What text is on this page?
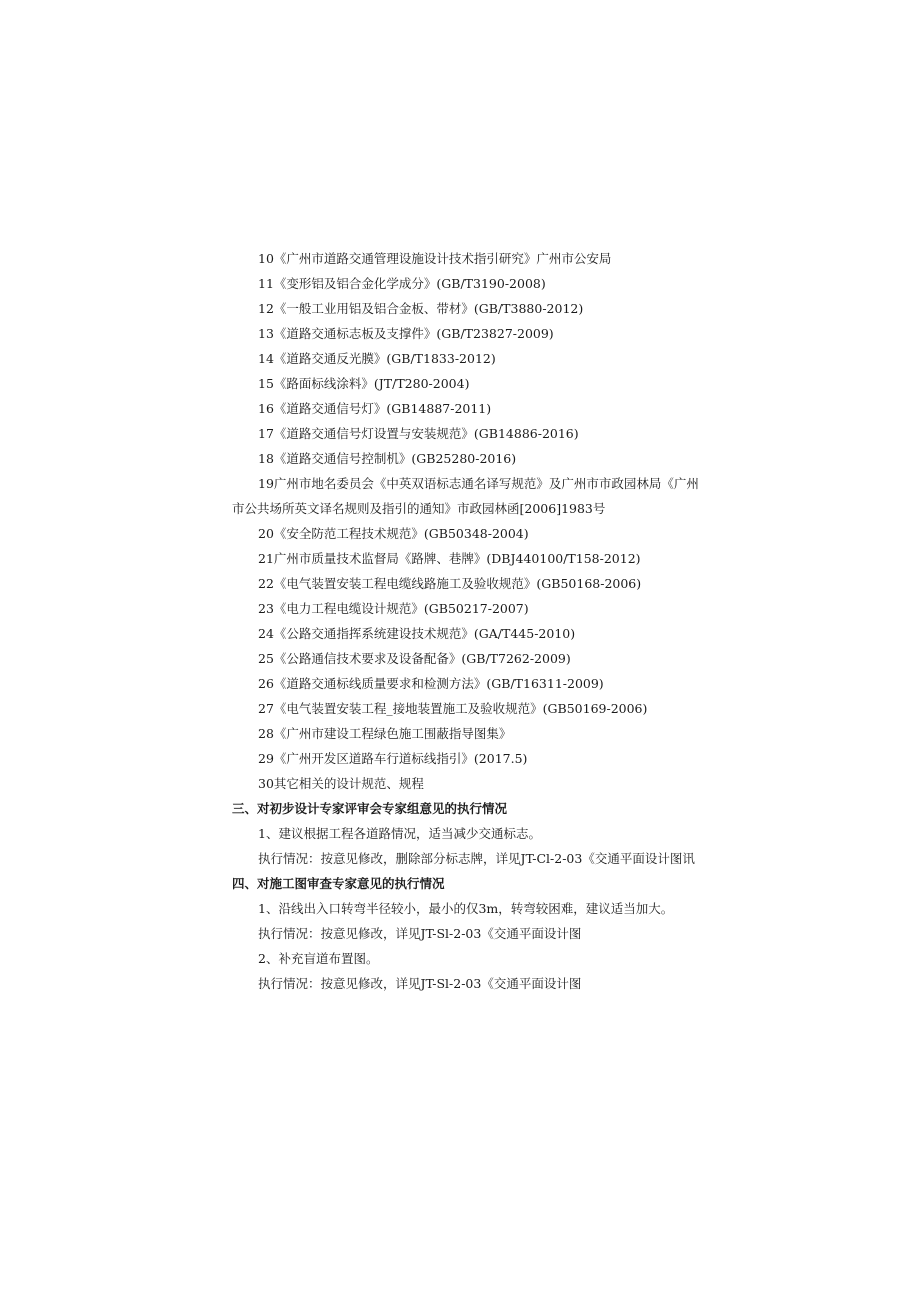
10《广州市道路交通管理设施设计技术指引研究》广州市公安局
11《变形铝及铝合金化学成分》(GB/T3190-2008)
12《一般工业用铝及铝合金板、带材》(GB/T3880-2012)
13《道路交通标志板及支撑件》(GB/T23827-2009)
14《道路交通反光膜》(GB/T1833-2012)
15《路面标线涂料》(JT/T280-2004)
16《道路交通信号灯》(GB14887-2011)
17《道路交通信号灯设置与安装规范》(GB14886-2016)
18《道路交通信号控制机》(GB25280-2016)
19广州市地名委员会《中英双语标志通名译写规范》及广州市市政园林局《广州
市公共场所英文译名规则及指引的通知》市政园林函[2006]1983号
20《安全防范工程技术规范》(GB50348-2004)
21广州市质量技术监督局《路牌、巷牌》(DBJ440100/T158-2012)
22《电气装置安装工程电缆线路施工及验收规范》(GB50168-2006)
23《电力工程电缆设计规范》(GB50217-2007)
24《公路交通指挥系统建设技术规范》(GA/T445-2010)
25《公路通信技术要求及设备配备》(GB/T7262-2009)
26《道路交通标线质量要求和检测方法》(GB/T16311-2009)
27《电气装置安装工程_接地装置施工及验收规范》(GB50169-2006)
28《广州市建设工程绿色施工围蔽指导图集》
29《广州开发区道路车行道标线指引》(2017.5)
30其它相关的设计规范、规程
三、对初步设计专家评审会专家组意见的执行情况
1、建议根据工程各道路情况，适当减少交通标志。
执行情况：按意见修改，删除部分标志牌，详见JT-Cl-2-03《交通平面设计图讯
四、对施工图审查专家意见的执行情况
1、沿线出入口转弯半径较小，最小的仅3m，转弯较困难，建议适当加大。
执行情况：按意见修改，详见JT-Sl-2-03《交通平面设计图
2、补充盲道布置图。
执行情况：按意见修改，详见JT-Sl-2-03《交通平面设计图
